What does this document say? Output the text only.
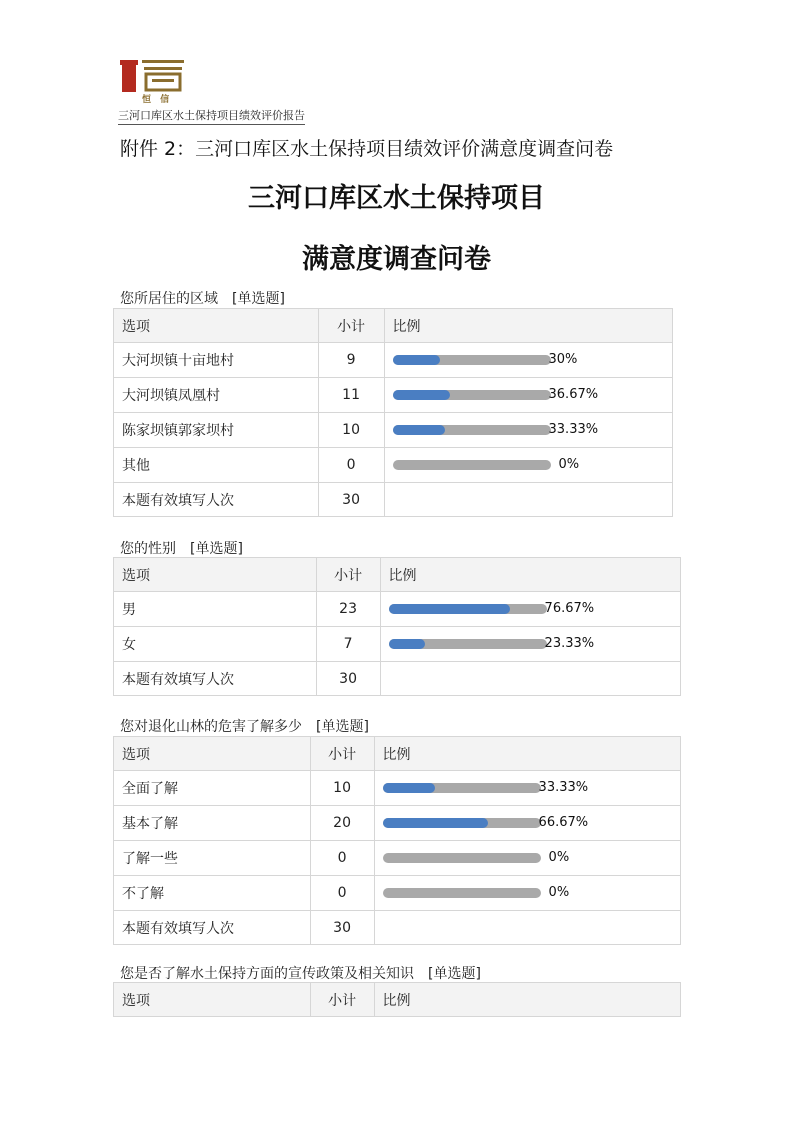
恒 信
三河口库区水土保持项目绩效评价报告
附件 2：三河口库区水土保持项目绩效评价满意度调查问卷
三河口库区水土保持项目
满意度调查问卷
您所居住的区域 [单选题]
选项	小计	比例
大河坝镇十亩地村	9	30%

大河坝镇凤凰村	11	36.67%

陈家坝镇郭家坝村	10	33.33%

其他	0	0%

本题有效填写人次	30	
您的性别 [单选题]
选项	小计	比例
男	23	76.67%

女	7	23.33%

本题有效填写人次	30	
您对退化山林的危害了解多少 [单选题]
选项	小计	比例
全面了解	10	33.33%

基本了解	20	66.67%

了解一些	0	0%

不了解	0	0%

本题有效填写人次	30	
您是否了解水土保持方面的宣传政策及相关知识 [单选题]
选项	小计	比例
